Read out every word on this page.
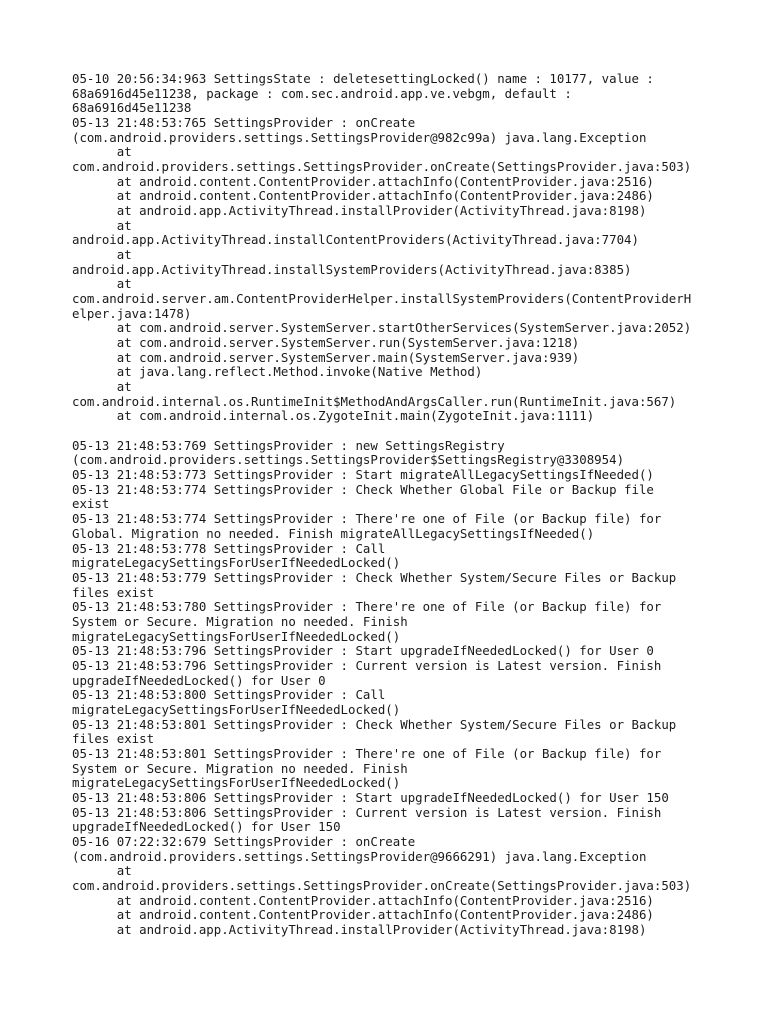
05-10 20:56:34:963 SettingsState : deletesettingLocked() name : 10177, value :
68a6916d45e11238, package : com.sec.android.app.ve.vebgm, default :
68a6916d45e11238
05-13 21:48:53:765 SettingsProvider : onCreate
(com.android.providers.settings.SettingsProvider@982c99a) java.lang.Exception
at
com.android.providers.settings.SettingsProvider.onCreate(SettingsProvider.java:503)
at android.content.ContentProvider.attachInfo(ContentProvider.java:2516)
at android.content.ContentProvider.attachInfo(ContentProvider.java:2486)
at android.app.ActivityThread.installProvider(ActivityThread.java:8198)
at
android.app.ActivityThread.installContentProviders(ActivityThread.java:7704)
at
android.app.ActivityThread.installSystemProviders(ActivityThread.java:8385)
at
com.android.server.am.ContentProviderHelper.installSystemProviders(ContentProviderH
elper.java:1478)
at com.android.server.SystemServer.startOtherServices(SystemServer.java:2052)
at com.android.server.SystemServer.run(SystemServer.java:1218)
at com.android.server.SystemServer.main(SystemServer.java:939)
at java.lang.reflect.Method.invoke(Native Method)
at
com.android.internal.os.RuntimeInit$MethodAndArgsCaller.run(RuntimeInit.java:567)
at com.android.internal.os.ZygoteInit.main(ZygoteInit.java:1111)
05-13 21:48:53:769 SettingsProvider : new SettingsRegistry
(com.android.providers.settings.SettingsProvider$SettingsRegistry@3308954)
05-13 21:48:53:773 SettingsProvider : Start migrateAllLegacySettingsIfNeeded()
05-13 21:48:53:774 SettingsProvider : Check Whether Global File or Backup file
exist
05-13 21:48:53:774 SettingsProvider : There're one of File (or Backup file) for
Global. Migration no needed. Finish migrateAllLegacySettingsIfNeeded()
05-13 21:48:53:778 SettingsProvider : Call
migrateLegacySettingsForUserIfNeededLocked()
05-13 21:48:53:779 SettingsProvider : Check Whether System/Secure Files or Backup
files exist
05-13 21:48:53:780 SettingsProvider : There're one of File (or Backup file) for
System or Secure. Migration no needed. Finish
migrateLegacySettingsForUserIfNeededLocked()
05-13 21:48:53:796 SettingsProvider : Start upgradeIfNeededLocked() for User 0
05-13 21:48:53:796 SettingsProvider : Current version is Latest version. Finish
upgradeIfNeededLocked() for User 0
05-13 21:48:53:800 SettingsProvider : Call
migrateLegacySettingsForUserIfNeededLocked()
05-13 21:48:53:801 SettingsProvider : Check Whether System/Secure Files or Backup
files exist
05-13 21:48:53:801 SettingsProvider : There're one of File (or Backup file) for
System or Secure. Migration no needed. Finish
migrateLegacySettingsForUserIfNeededLocked()
05-13 21:48:53:806 SettingsProvider : Start upgradeIfNeededLocked() for User 150
05-13 21:48:53:806 SettingsProvider : Current version is Latest version. Finish
upgradeIfNeededLocked() for User 150
05-16 07:22:32:679 SettingsProvider : onCreate
(com.android.providers.settings.SettingsProvider@9666291) java.lang.Exception
at
com.android.providers.settings.SettingsProvider.onCreate(SettingsProvider.java:503)
at android.content.ContentProvider.attachInfo(ContentProvider.java:2516)
at android.content.ContentProvider.attachInfo(ContentProvider.java:2486)
at android.app.ActivityThread.installProvider(ActivityThread.java:8198)
